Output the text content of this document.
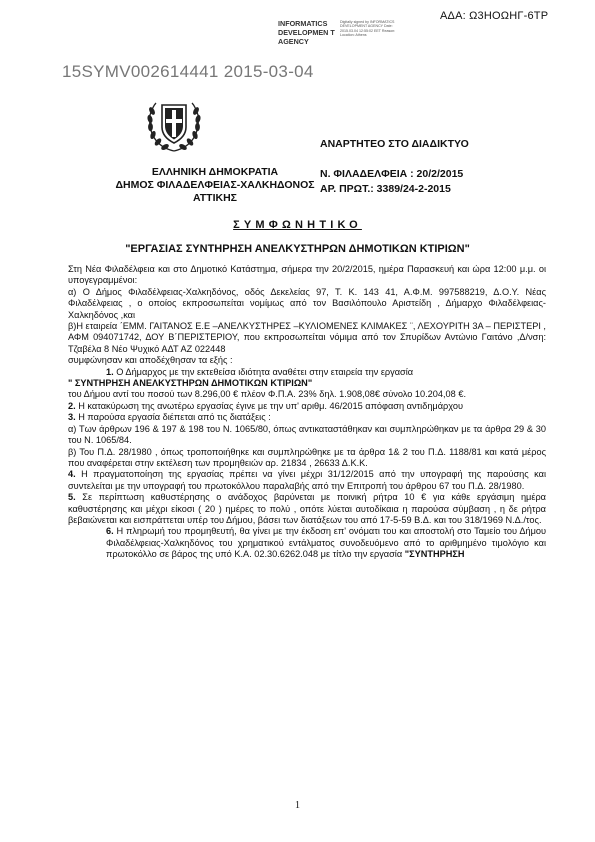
ΑΔΑ: Ω3ΗΟΩΗΓ-6ΤΡ
INFORMATICS DEVELOPMEN T AGENCY
Digitally signed by INFORMATICS DEVELOPMENT AGENCY Date: 2015.03.04 12:55:02 EET Reason: Location: Athens
15SYMV002614441 2015-03-04
ΕΛΛΗΝΙΚΗ ΔΗΜΟΚΡΑΤΙΑ
ΔΗΜΟΣ ΦΙΛΑΔΕΛΦΕΙΑΣ-ΧΑΛΚΗΔΟΝΟΣ
ΑΤΤΙΚΗΣ
ΑΝΑΡΤΗΤΕΟ ΣΤΟ ΔΙΑΔΙΚΤΥΟ
Ν. ΦΙΛΑΔΕΛΦΕΙΑ : 20/2/2015
ΑΡ. ΠΡΩΤ.: 3389/24-2-2015
ΣΥΜΦΩΝΗΤΙΚΟ
"ΕΡΓΑΣΙΑΣ ΣΥΝΤΗΡΗΣΗ ΑΝΕΛΚΥΣΤΗΡΩΝ ΔΗΜΟΤΙΚΩΝ ΚΤΙΡΙΩΝ"

Στη Νέα Φιλαδέλφεια και στο Δημοτικό Κατάστημα, σήμερα την 20/2/2015, ημέρα Παρασκευή και ώρα 12:00 μ.μ. οι υπογεγραμμένοι:

α) Ο Δήμος Φιλαδέλφειας-Χαλκηδόνος, οδός Δεκελείας 97, Τ. Κ. 143 41, Α.Φ.Μ. 997588219, Δ.Ο.Υ. Νέας Φιλαδέλφειας , ο οποίος εκπροσωπείται νομίμως από τον Βασιλόπουλο Αριστείδη , Δήμαρχο Φιλαδέλφειας-Χαλκηδόνος ,και

β)Η εταιρεία ΄ΕΜΜ. ΓΑΙΤΑΝΟΣ Ε.Ε –ΑΝΕΛΚΥΣΤΗΡΕΣ –ΚΥΛΙΟΜΕΝΕΣ ΚΛΙΜΑΚΕΣ ¨, ΛΕΧΟΥΡΙΤΗ 3Α – ΠΕΡΙΣΤΕΡΙ , ΑΦΜ 094071742, ΔΟΥ Β΄ΠΕΡΙΣΤΕΡΙΟΥ, που εκπροσωπείται νόμιμα από τον Σπυρίδων Αντώνιο Γαιτάνο ,Δ/νση: Τζαβέλα 8 Νέο Ψυχικό ΑΔΤ ΑΖ 022448

συμφώνησαν και αποδέχθησαν τα εξής :

1. Ο Δήμαρχος με την εκτεθείσα ιδιότητα αναθέτει στην εταιρεία την εργασία

" ΣΥΝΤΗΡΗΣΗ ΑΝΕΛΚΥΣΤΗΡΩΝ ΔΗΜΟΤΙΚΩΝ ΚΤΙΡΙΩΝ"
του Δήμου αντί του ποσού των 8.296,00 € πλέον Φ.Π.Α. 23% δηλ. 1.908,08€ σύνολο 10.204,08 €.

2. Η κατακύρωση της ανωτέρω εργασίας έγινε με την υπ' αριθμ. 46/2015 απόφαση αντιδημάρχου

3. Η παρούσα εργασία διέπεται από τις διατάξεις :

α) Των άρθρων 196 & 197 & 198 του Ν. 1065/80, όπως αντικαταστάθηκαν και συμπληρώθηκαν με τα άρθρα 29 & 30 του Ν. 1065/84.

β) Του Π.Δ. 28/1980 , όπως τροποποιήθηκε και συμπληρώθηκε με τα άρθρα 1& 2 του Π.Δ. 1188/81 και κατά μέρος που αναφέρεται στην εκτέλεση των προμηθειών αρ. 21834 , 26633 Δ.Κ.Κ.

4. Η πραγματοποίηση της εργασίας πρέπει να γίνει μέχρι 31/12/2015 από την υπογραφή της παρούσης και συντελείται με την υπογραφή του πρωτοκόλλου παραλαβής από την Επιτροπή του άρθρου 67 του Π.Δ. 28/1980.

5. Σε περίπτωση καθυστέρησης ο ανάδοχος βαρύνεται με ποινική ρήτρα 10 € για κάθε εργάσιμη ημέρα καθυστέρησης και μέχρι είκοσι ( 20 ) ημέρες το πολύ , οπότε λύεται αυτοδίκαια η παρούσα σύμβαση , η δε ρήτρα βεβαιώνεται και εισπράττεται υπέρ του Δήμου, βάσει των διατάξεων του από 17-5-59 Β.Δ. και του 318/1969 Ν.Δ./τος.

6. Η πληρωμή του προμηθευτή, θα γίνει με την έκδοση επ' ονόματι του και αποστολή στο Ταμείο του Δήμου Φιλαδέλφειας-Χαλκηδόνος του χρηματικού εντάλματος συνοδευόμενο από το αριθμημένο τιμολόγιο και πρωτοκόλλο σε βάρος της υπό Κ.Α. 02.30.6262.048 με τίτλο την εργασία "ΣΥΝΤΗΡΗΣΗ

1
